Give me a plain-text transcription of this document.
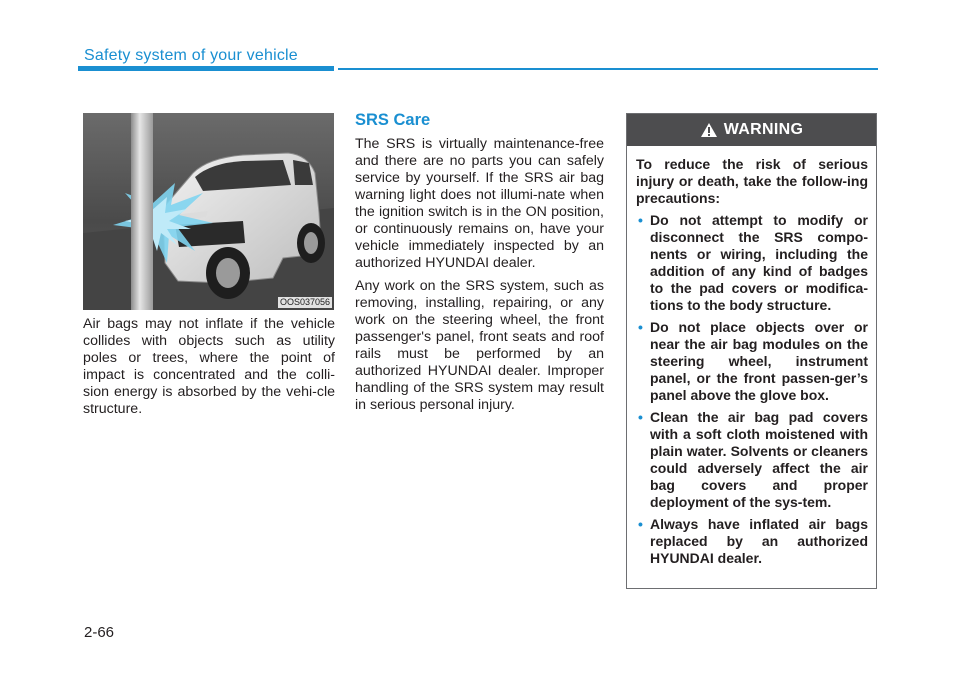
Safety system of your vehicle
OOS037056

Air bags may not inflate if the vehicle collides with objects such as utility poles or trees, where the point of impact is concentrated and the colli-sion energy is absorbed by the vehi-cle structure.

SRS Care

The SRS is virtually maintenance-free and there are no parts you can safely service by yourself. If the SRS air bag warning light does not illumi-nate when the ignition switch is in the ON position, or continuously remains on, have your vehicle immediately inspected by an authorized HYUNDAI dealer.

Any work on the SRS system, such as removing, installing, repairing, or any work on the steering wheel, the front passenger's panel, front seats and roof rails must be performed by an authorized HYUNDAI dealer. Improper handling of the SRS system may result in serious personal injury.

WARNING

To reduce the risk of serious injury or death, take the follow-ing precautions:

• Do not attempt to modify or disconnect the SRS compo-nents or wiring, including the addition of any kind of badges to the pad covers or modifica-tions to the body structure.
• Do not place objects over or near the air bag modules on the steering wheel, instrument panel, or the front passen-ger’s panel above the glove box.
• Clean the air bag pad covers with a soft cloth moistened with plain water. Solvents or cleaners could adversely affect the air bag covers and proper deployment of the sys-tem.
• Always have inflated air bags replaced by an authorized HYUNDAI dealer.
2-66
